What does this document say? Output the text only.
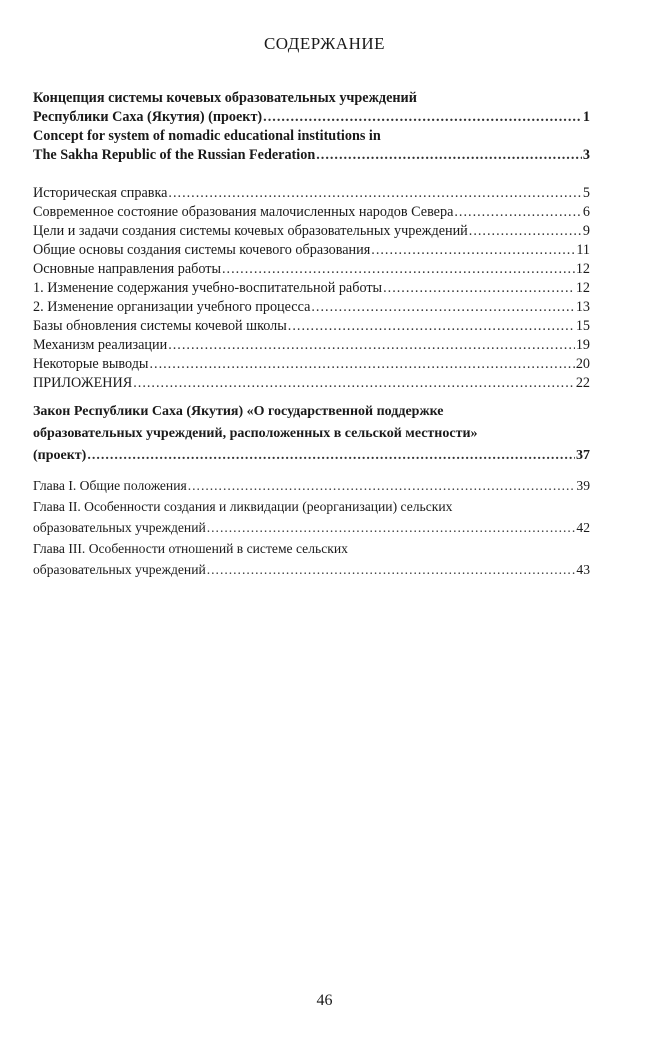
СОДЕРЖАНИЕ
Концепция системы кочевых образовательных учреждений
Республики Саха (Якутия) (проект) .....	1
Concept for system of nomadic educational institutions in
The Sakha Republic of the Russian Federation .....	3
Историческая справка .....	5
Современное состояние образования малочисленных народов Севера .....	6
Цели и задачи создания системы кочевых образовательных учреждений .....	9
Общие основы создания системы кочевого образования .....	11
Основные направления работы .....	12
1. Изменение содержания учебно-воспитательной работы .....	12
2. Изменение организации учебного процесса .....	13
Базы обновления системы кочевой школы .....	15
Механизм реализации .....	19
Некоторые выводы .....	20
ПРИЛОЖЕНИЯ .....	22
Закон Республики Саха (Якутия) «О государственной поддержке
образовательных учреждений, расположенных в сельской местности»
(проект) .....	37
Глава I. Общие положения .....	39
Глава II. Особенности создания и ликвидации (реорганизации) сельских
образовательных учреждений .....	42
Глава III. Особенности отношений в системе сельских
образовательных учреждений .....	43
46
